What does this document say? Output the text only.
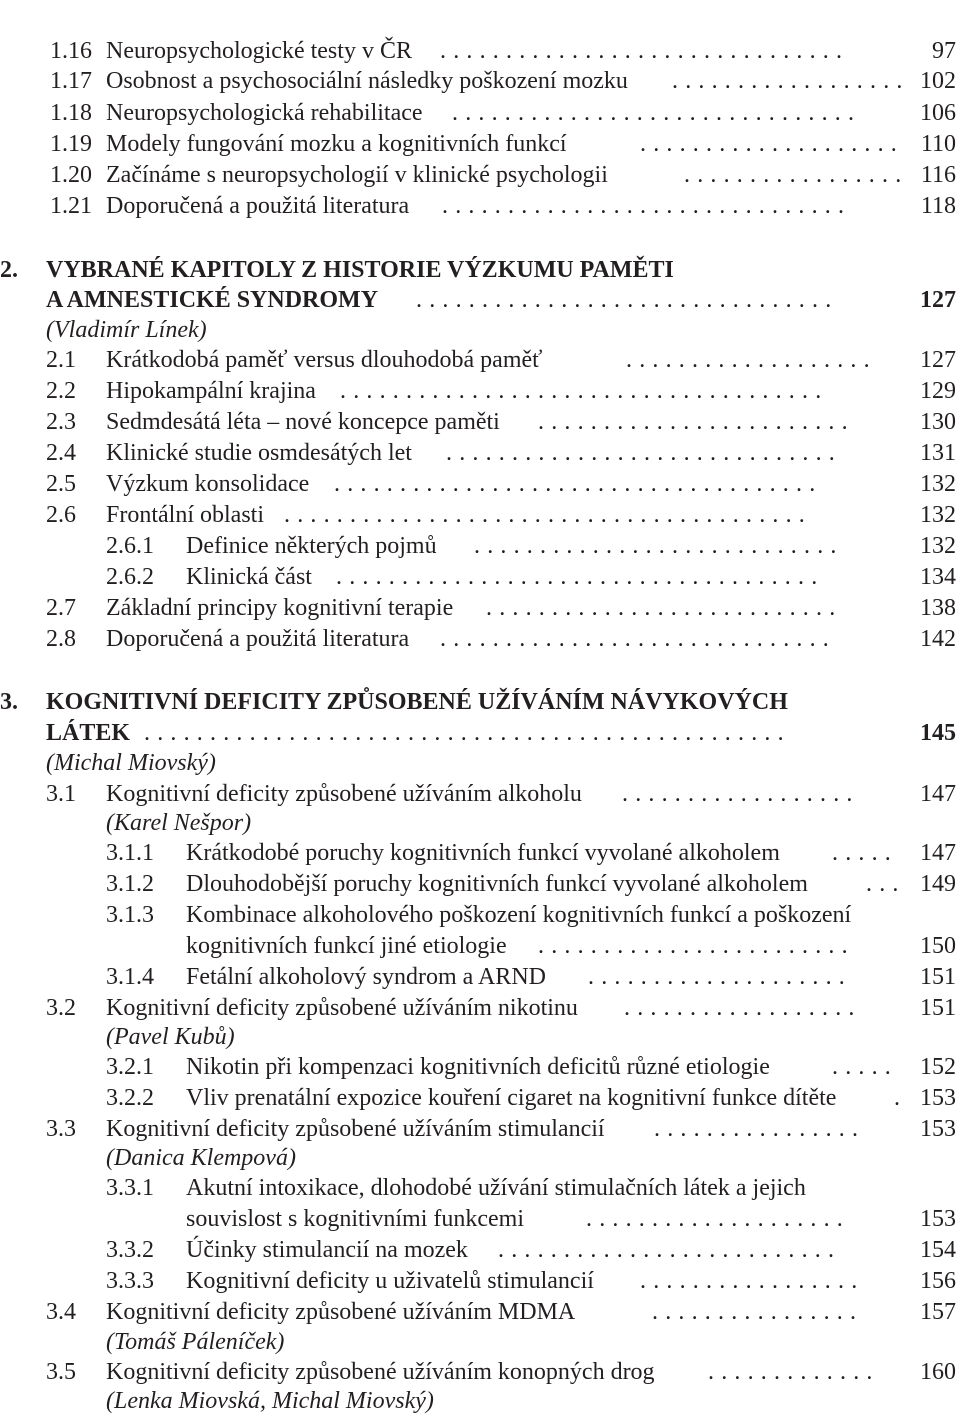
1.16 Neuropsychologické testy v ČR . . . . . . . . . . . . . . . . . . . . . . . . . . . . . . .	97
1.17 Osobnost a psychosociální následky poškození mozku . . . . . . . . . . . . . . . . . . 102
1.18 Neuropsychologická rehabilitace . . . . . . . . . . . . . . . . . . . . . . . . . . . . . . .	106
1.19 Modely fungování mozku a kognitivních funkcí	. . . . . . . . . . . . . . . . . . . . 110
1.20 Začínáme s neuropsychologií v klinické psychologii	. . . . . . . . . . . . . . . . . 116
1.21 Doporučená a použitá literatura . . . . . . . . . . . . . . . . . . . . . . . . . . . . . . .	118
2. VYBRANÉ KAPITOLY Z HISTORIE VÝZKUMU PAMĚTI
A AMNESTICKÉ SYNDROMY . . . . . . . . . . . . . . . . . . . . . . . . . . . . . . . .	127
(Vladimír Línek)
2.1 Krátkodobá paměť versus dlouhodobá paměť	. . . . . . . . . . . . . . . . . . .	127
2.2 Hipokampální krajina . . . . . . . . . . . . . . . . . . . . . . . . . . . . . . . . . . . . .	129
2.3 Sedmdesátá léta – nové koncepce paměti . . . . . . . . . . . . . . . . . . . . . . . .	130
2.4 Klinické studie osmdesátých let . . . . . . . . . . . . . . . . . . . . . . . . . . . . . .	131
2.5 Výzkum konsolidace . . . . . . . . . . . . . . . . . . . . . . . . . . . . . . . . . . . . .	132
2.6 Frontální oblasti . . . . . . . . . . . . . . . . . . . . . . . . . . . . . . . . . . . . . . . .	132
2.6.1 Definice některých pojmů . . . . . . . . . . . . . . . . . . . . . . . . . . . .	132
2.6.2 Klinická část . . . . . . . . . . . . . . . . . . . . . . . . . . . . . . . . . . . . .	134
2.7 Základní principy kognitivní terapie . . . . . . . . . . . . . . . . . . . . . . . . . . .	138
2.8 Doporučená a použitá literatura . . . . . . . . . . . . . . . . . . . . . . . . . . . . . .	142
3. KOGNITIVNÍ DEFICITY ZPŮSOBENÉ UŽÍVÁNÍM NÁVYKOVÝCH
LÁTEK . . . . . . . . . . . . . . . . . . . . . . . . . . . . . . . . . . . . . . . . . . . . . . . . .	145
(Michal Miovský)
3.1 Kognitivní deficity způsobené užíváním alkoholu . . . . . . . . . . . . . . . . . .	147
(Karel Nešpor)
3.1.1 Krátkodobé poruchy kognitivních funkcí vyvolané alkoholem . . . . .	147
3.1.2 Dlouhodobější poruchy kognitivních funkcí vyvolané alkoholem . . . 149
3.1.3 Kombinace alkoholového poškození kognitivních funkcí a poškození
kognitivních funkcí jiné etiologie . . . . . . . . . . . . . . . . . . . . . . . .	150
3.1.4 Fetální alkoholový syndrom a ARND . . . . . . . . . . . . . . . . . . . .	151
3.2 Kognitivní deficity způsobené užíváním nikotinu . . . . . . . . . . . . . . . . . .	151
(Pavel Kubů)
3.2.1 Nikotin při kompenzaci kognitivních deficitů různé etiologie	. . . . .	152
3.2.2 Vliv prenatální expozice kouření cigaret na kognitivní funkce dítěte . 153
3.3 Kognitivní deficity způsobené užíváním stimulancií . . . . . . . . . . . . . . . .	153
(Danica Klempová)
3.3.1 Akutní intoxikace, dlohodobé užívání stimulačních látek a jejich
souvislost s kognitivními funkcemi	. . . . . . . . . . . . . . . . . . . .	153
3.3.2 Účinky stimulancií na mozek . . . . . . . . . . . . . . . . . . . . . . . . . .	154
3.3.3 Kognitivní deficity u uživatelů stimulancií . . . . . . . . . . . . . . . . .	156
3.4 Kognitivní deficity způsobené užíváním MDMA	. . . . . . . . . . . . . . . .	157
(Tomáš Páleníček)
3.5 Kognitivní deficity způsobené užíváním konopných drog . . . . . . . . . . . . .	160
(Lenka Miovská, Michal Miovský)
